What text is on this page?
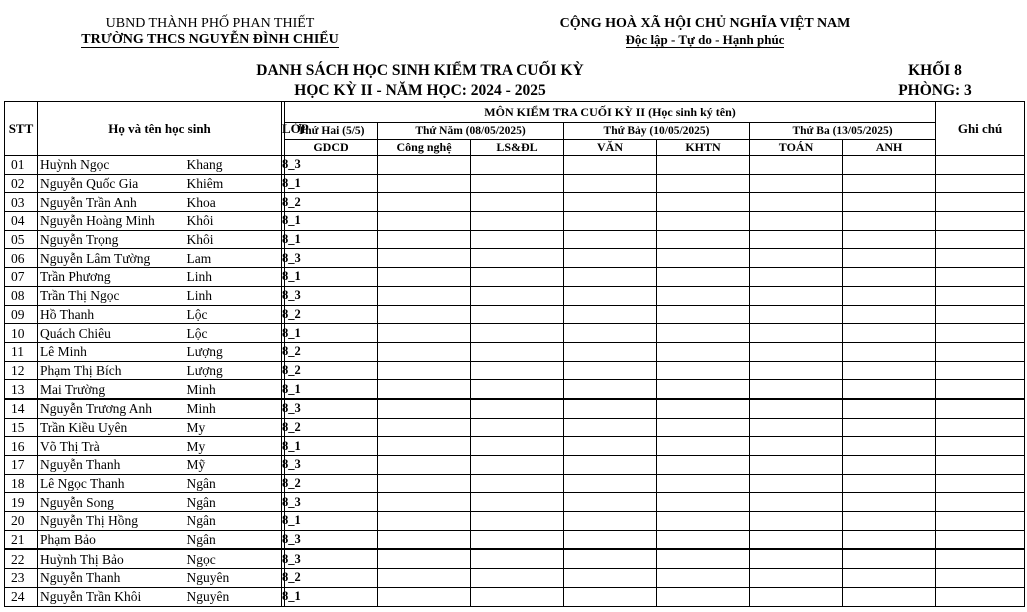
UBND THÀNH PHỐ PHAN THIẾT
TRƯỜNG THCS NGUYỄN ĐÌNH CHIỂU
CỘNG HOÀ XÃ HỘI CHỦ NGHĨA VIỆT NAM
Độc lập - Tự do - Hạnh phúc
DANH SÁCH HỌC SINH KIỂM TRA CUỐI KỲ
HỌC KỲ II - NĂM HỌC: 2024 - 2025
KHỐI 8
PHÒNG: 3
STT	Họ và tên học sinh		LỚP	MÔN KIỂM TRA CUỐI KỲ II (Học sinh ký tên)							Ghi chú
				Thứ Hai (5/5)	Thứ Năm (08/05/2025)		Thứ Bảy (10/05/2025)		Thứ Ba (13/05/2025)		
				GDCD	Công nghệ	LS&ĐL	VĂN	KHTN	TOÁN	ANH	
01	Huỳnh Ngọc	Khang	8_3								
02	Nguyễn Quốc Gia	Khiêm	8_1								
03	Nguyễn Trần Anh	Khoa	8_2								
04	Nguyễn Hoàng Minh	Khôi	8_1								
05	Nguyễn Trọng	Khôi	8_1								
06	Nguyễn Lâm Tường	Lam	8_3								
07	Trần Phương	Linh	8_1								
08	Trần Thị Ngọc	Linh	8_3								
09	Hồ Thanh	Lộc	8_2								
10	Quách Chiêu	Lộc	8_1								
11	Lê Minh	Lượng	8_2								
12	Phạm Thị Bích	Lượng	8_2								
13	Mai Trường	Minh	8_1								
14	Nguyễn Trương Anh	Minh	8_3								
15	Trần Kiều Uyên	My	8_2								
16	Võ Thị Trà	My	8_1								
17	Nguyễn Thanh	Mỹ	8_3								
18	Lê Ngọc Thanh	Ngân	8_2								
19	Nguyễn Song	Ngân	8_3								
20	Nguyễn Thị Hồng	Ngân	8_1								
21	Phạm Bảo	Ngân	8_3								
22	Huỳnh Thị Bảo	Ngọc	8_3								
23	Nguyễn Thanh	Nguyên	8_2								
24	Nguyễn Trần Khôi	Nguyên	8_1								
